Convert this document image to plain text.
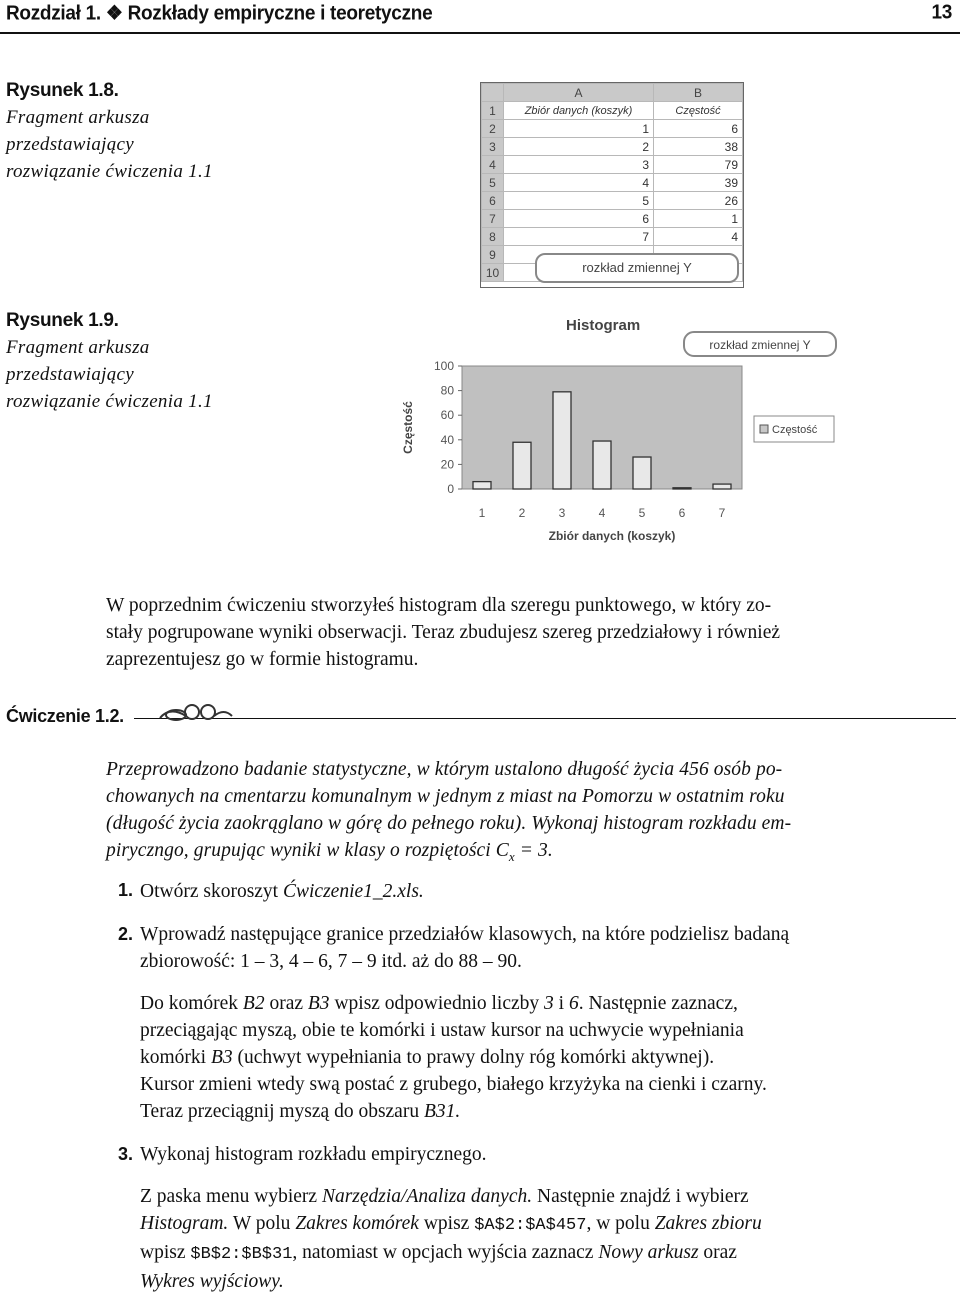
Rozdział 1. ❖ Rozkłady empiryczne i teoretyczne	13
Rysunek 1.8.
Fragment arkusza
przedstawiający
rozwiązanie ćwiczenia 1.1
	A	B
1	Zbiór danych (koszyk)	Częstość
2	1	6
3	2	38
4	3	79
5	4	39
6	5	26
7	6	1
8	7	4
9		
10			rozkład zmiennej Y
Rysunek 1.9.
Fragment arkusza
przedstawiający
rozwiązanie ćwiczenia 1.1
0
20
40
60
80
100
1	2	3	4	5	6	7
Histogram
rozkład zmiennej Y
Częstość
Zbiór danych (koszyk)
Częstość
W poprzednim ćwiczeniu stworzyłeś histogram dla szeregu punktowego, w który zo-
stały pogrupowane wyniki obserwacji. Teraz zbudujesz szereg przedziałowy i również
zaprezentujesz go w formie histogramu.
Ćwiczenie 1.2.
Przeprowadzono badanie statystyczne, w którym ustalono długość życia 456 osób po-
chowanych na cmentarzu komunalnym w jednym z miast na Pomorzu w ostatnim roku
(długość życia zaokrąglano w górę do pełnego roku). Wykonaj histogram rozkładu em-
piryczngo, grupując wyniki w klasy o rozpiętości $C_x = 3$.
1. Otwórz skoroszyt Ćwiczenie1_2.xls.
2. Wprowadź następujące granice przedziałów klasowych, na które podzielisz badaną
zbiorowość: 1 – 3, 4 – 6, 7 – 9 itd. aż do 88 – 90.
Do komórek B2 oraz B3 wpisz odpowiednio liczby 3 i 6. Następnie zaznacz,
przeciągając myszą, obie te komórki i ustaw kursor na uchwycie wypełniania
komórki B3 (uchwyt wypełniania to prawy dolny róg komórki aktywnej).
Kursor zmieni wtedy swą postać z grubego, białego krzyżyka na cienki i czarny.
Teraz przeciągnij myszą do obszaru B31.
3. Wykonaj histogram rozkładu empirycznego.
Z paska menu wybierz Narzędzia/Analiza danych. Następnie znajdź i wybierz
Histogram. W polu Zakres komórek wpisz $A$2:$A$457, w polu Zakres zbioru
wpisz $B$2:$B$31, natomiast w opcjach wyjścia zaznacz Nowy arkusz oraz
Wykres wyjściowy.
